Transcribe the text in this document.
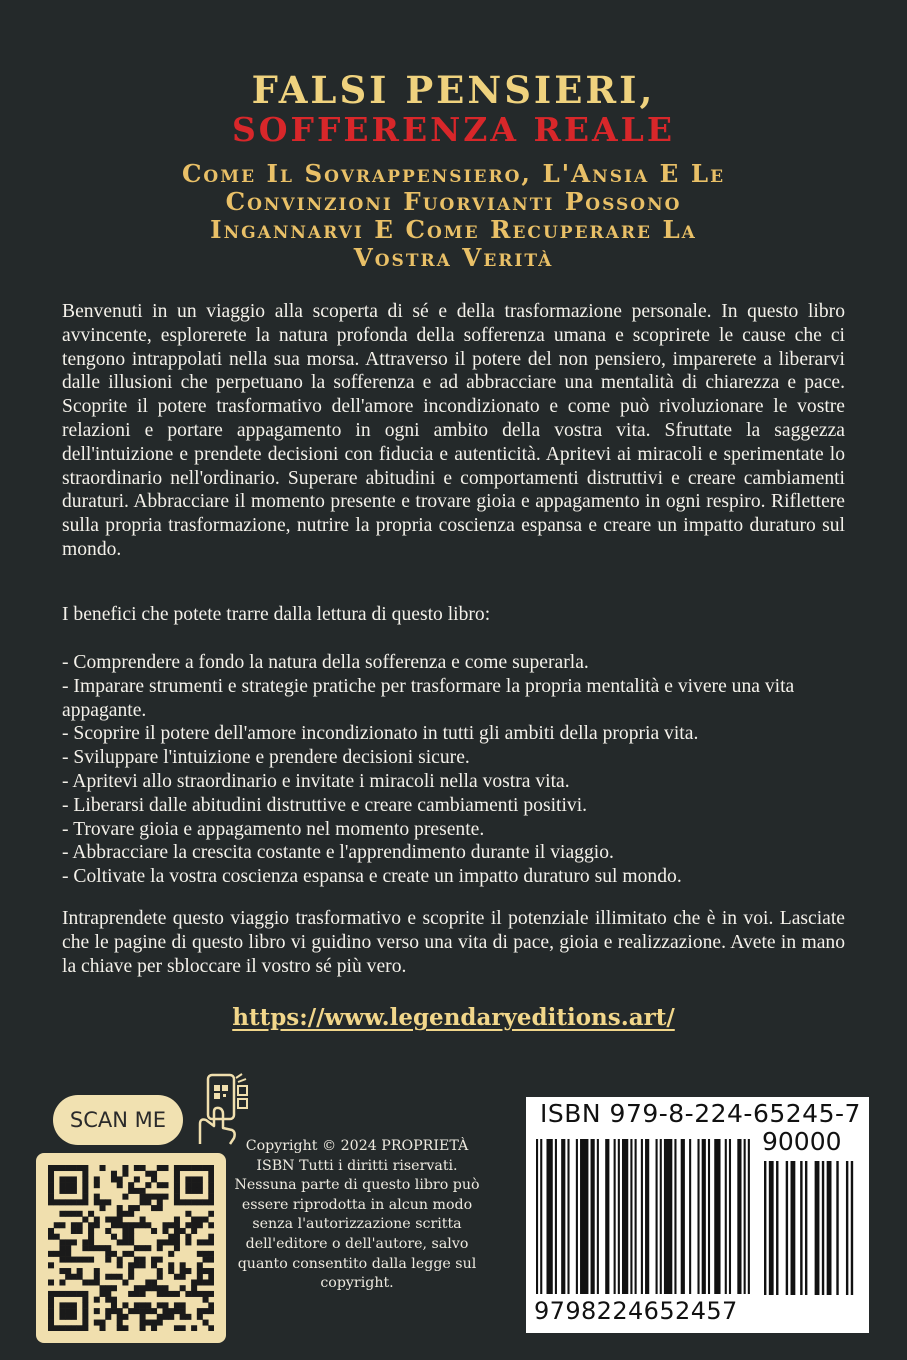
FALSI PENSIERI,
SOFFERENZA REALE
Come Il Sovrappensiero, L'Ansia E Le
Convinzioni Fuorvianti Possono
Ingannarvi E Come Recuperare La
Vostra Verità

Benvenuti in un viaggio alla scoperta di sé e della trasformazione personale. In questo libro avvincente, esplorerete la natura profonda della sofferenza umana e scoprirete le cause che ci tengono intrappolati nella sua morsa. Attraverso il potere del non pensiero, imparerete a liberarvi dalle illusioni che perpetuano la sofferenza e ad abbracciare una mentalità di chiarezza e pace. Scoprite il potere trasformativo dell'amore incondizionato e come può rivoluzionare le vostre relazioni e portare appagamento in ogni ambito della vostra vita. Sfruttate la saggezza dell'intuizione e prendete decisioni con fiducia e autenticità. Apritevi ai miracoli e sperimentate lo straordinario nell'ordinario. Superare abitudini e comportamenti distruttivi e creare cambiamenti duraturi. Abbracciare il momento presente e trovare gioia e appagamento in ogni respiro. Riflettere sulla propria trasformazione, nutrire la propria coscienza espansa e creare un impatto duraturo sul mondo.

I benefici che potete trarre dalla lettura di questo libro:

- Comprendere a fondo la natura della sofferenza e come superarla.
- Imparare strumenti e strategie pratiche per trasformare la propria mentalità e vivere una vita appagante.
- Scoprire il potere dell'amore incondizionato in tutti gli ambiti della propria vita.
- Sviluppare l'intuizione e prendere decisioni sicure.
- Apritevi allo straordinario e invitate i miracoli nella vostra vita.
- Liberarsi dalle abitudini distruttive e creare cambiamenti positivi.
- Trovare gioia e appagamento nel momento presente.
- Abbracciare la crescita costante e l'apprendimento durante il viaggio.
- Coltivate la vostra coscienza espansa e create un impatto duraturo sul mondo.

Intraprendete questo viaggio trasformativo e scoprite il potenziale illimitato che è in voi. Lasciate che le pagine di questo libro vi guidino verso una vita di pace, gioia e realizzazione. Avete in mano la chiave per sbloccare il vostro sé più vero.

https://www.legendaryeditions.art/
SCAN ME

Copyright © 2024 PROPRIETÀ ISBN Tutti i diritti riservati. Nessuna parte di questo libro può essere riprodotta in alcun modo senza l'autorizzazione scritta dell'editore o dell'autore, salvo quanto consentito dalla legge sul copyright.

ISBN 979-8-224-65245-7
90000
9798224652457
